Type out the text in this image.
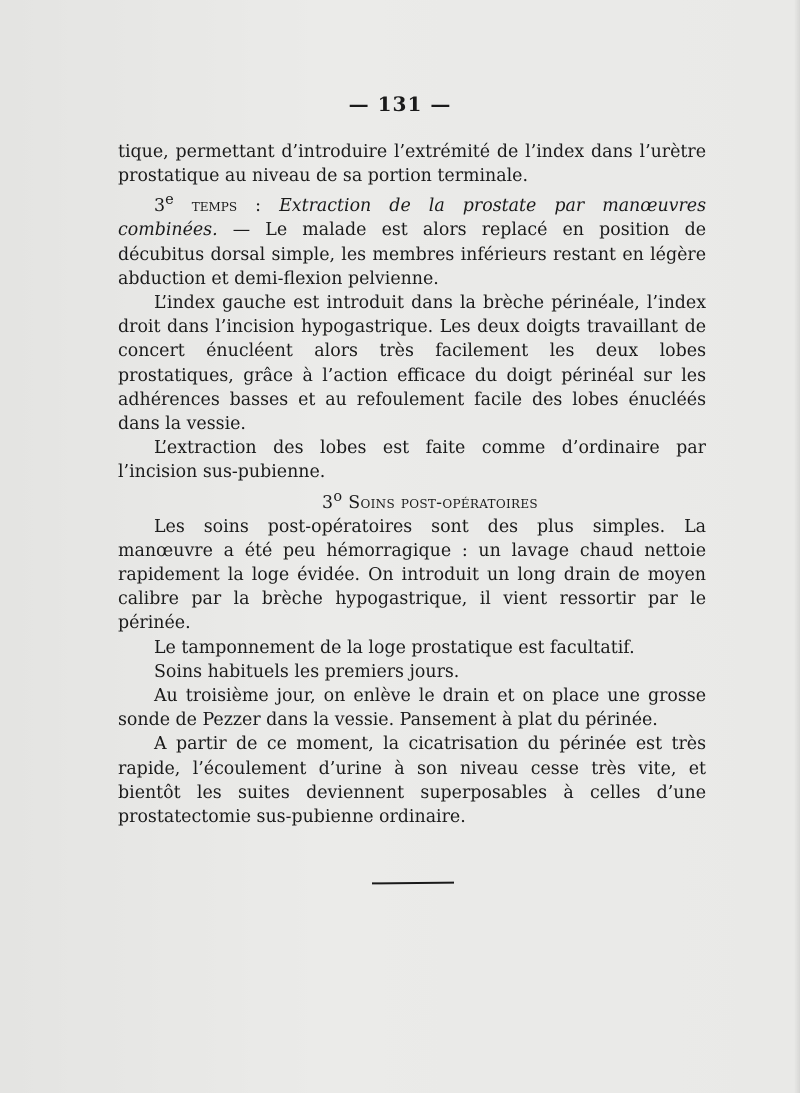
— 131 —

tique, permettant d’introduire l’extrémité de l’index dans l’urètre prostatique au niveau de sa portion terminale.

3e temps : Extraction de la prostate par manœuvres combinées. — Le malade est alors replacé en position de décubitus dorsal simple, les membres inférieurs restant en légère abduction et demi-flexion pelvienne.

L’index gauche est introduit dans la brèche périnéale, l’index droit dans l’incision hypogastrique. Les deux doigts travaillant de concert énucléent alors très facilement les deux lobes prostatiques, grâce à l’action efficace du doigt périnéal sur les adhérences basses et au refoulement facile des lobes énucléés dans la vessie.

L’extraction des lobes est faite comme d’ordinaire par l’incision sus-pubienne.

3$^o$ Soins post-opératoires

Les soins post-opératoires sont des plus simples. La manœuvre a été peu hémorragique : un lavage chaud nettoie rapidement la loge évidée. On introduit un long drain de moyen calibre par la brèche hypogastrique, il vient ressortir par le périnée.

Le tamponnement de la loge prostatique est facultatif.

Soins habituels les premiers jours.

Au troisième jour, on enlève le drain et on place une grosse sonde de Pezzer dans la vessie. Pansement à plat du périnée.

A partir de ce moment, la cicatrisation du périnée est très rapide, l’écoulement d’urine à son niveau cesse très vite, et bientôt les suites deviennent superposables à celles d’une prostatectomie sus-pubienne ordinaire.
